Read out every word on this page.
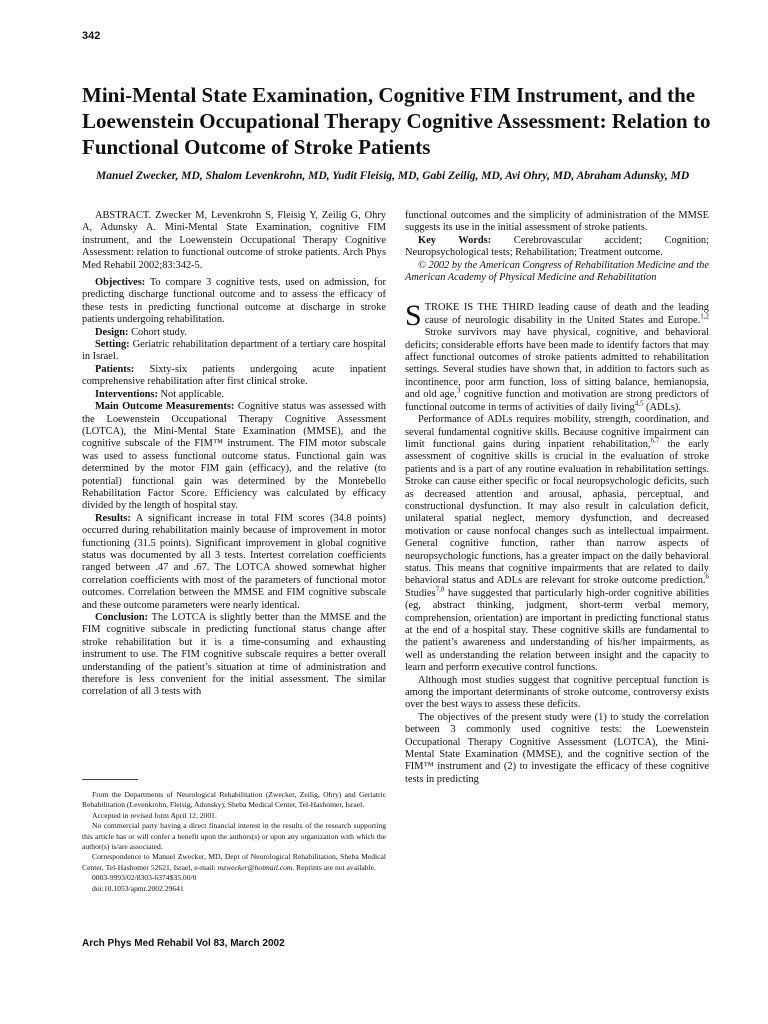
342
Mini-Mental State Examination, Cognitive FIM Instrument, and the Loewenstein Occupational Therapy Cognitive Assessment: Relation to Functional Outcome of Stroke Patients

Manuel Zwecker, MD, Shalom Levenkrohn, MD, Yudit Fleisig, MD, Gabi Zeilig, MD, Avi Ohry, MD, Abraham Adunsky, MD

ABSTRACT. Zwecker M, Levenkrohn S, Fleisig Y, Zeilig G, Ohry A, Adunsky A. Mini-Mental State Examination, cognitive FIM instrument, and the Loewenstein Occupational Therapy Cognitive Assessment: relation to functional outcome of stroke patients. Arch Phys Med Rehabil 2002;83:342-5.

Objectives: To compare 3 cognitive tests, used on admission, for predicting discharge functional outcome and to assess the efficacy of these tests in predicting functional outcome at discharge in stroke patients undergoing rehabilitation.

Design: Cohort study.

Setting: Geriatric rehabilitation department of a tertiary care hospital in Israel.

Patients: Sixty-six patients undergoing acute inpatient comprehensive rehabilitation after first clinical stroke.

Interventions: Not applicable.

Main Outcome Measurements: Cognitive status was assessed with the Loewenstein Occupational Therapy Cognitive Assessment (LOTCA), the Mini-Mental State Examination (MMSE), and the cognitive subscale of the FIM™ instrument. The FIM motor subscale was used to assess functional outcome status. Functional gain was determined by the motor FIM gain (efficacy), and the relative (to potential) functional gain was determined by the Montebello Rehabilitation Factor Score. Efficiency was calculated by efficacy divided by the length of hospital stay.

Results: A significant increase in total FIM scores (34.8 points) occurred during rehabilitation mainly because of improvement in motor functioning (31.5 points). Significant improvement in global cognitive status was documented by all 3 tests. Intertest correlation coefficients ranged between .47 and .67. The LOTCA showed somewhat higher correlation coefficients with most of the parameters of functional motor outcomes. Correlation between the MMSE and FIM cognitive subscale and these outcome parameters were nearly identical.

Conclusion: The LOTCA is slightly better than the MMSE and the FIM cognitive subscale in predicting functional status change after stroke rehabilitation but it is a time-consuming and exhausting instrument to use. The FIM cognitive subscale requires a better overall understanding of the patient’s situation at time of administration and therefore is less convenient for the initial assessment. The similar correlation of all 3 tests with

From the Departments of Neurological Rehabilitation (Zwecker, Zeilig, Ohry) and Geriatric Rehabilitation (Levenkrohn, Fleisig, Adunsky), Sheba Medical Center, Tel-Hashomer, Israel.

Accepted in revised form April 12, 2001.

No commercial party having a direct financial interest in the results of the research supporting this article has or will confer a benefit upon the authors(s) or upon any organization with which the author(s) is/are associated.

Correspondence to Manuel Zwecker, MD, Dept of Neurological Rehabilitation, Sheba Medical Center, Tel-Hashomer 52621, Israel, e-mail: mzwecker@hotmail.com. Reprints are not available.

0003-9993/02/8303-6374$35.00/0

doi:10.1053/apmr.2002.29641

functional outcomes and the simplicity of administration of the MMSE suggests its use in the initial assessment of stroke patients.

Key Words: Cerebrovascular accident; Cognition; Neuropsychological tests; Rehabilitation; Treatment outcome.

© 2002 by the American Congress of Rehabilitation Medicine and the American Academy of Physical Medicine and Rehabilitation

STROKE IS THE THIRD leading cause of death and the leading cause of neurologic disability in the United States and Europe.$^{1,2}$ Stroke survivors may have physical, cognitive, and behavioral deficits; considerable efforts have been made to identify factors that may affect functional outcomes of stroke patients admitted to rehabilitation settings. Several studies have shown that, in addition to factors such as incontinence, poor arm function, loss of sitting balance, hemianopsia, and old age,$^3$ cognitive function and motivation are strong predictors of functional outcome in terms of activities of daily living$^{4,5}$ (ADLs).

Performance of ADLs requires mobility, strength, coordination, and several fundamental cognitive skills. Because cognitive impairment can limit functional gains during inpatient rehabilitation,$^{6,7}$ the early assessment of cognitive skills is crucial in the evaluation of stroke patients and is a part of any routine evaluation in rehabilitation settings. Stroke can cause either specific or focal neuropsychologic deficits, such as decreased attention and arousal, aphasia, perceptual, and constructional dysfunction. It may also result in calculation deficit, unilateral spatial neglect, memory dysfunction, and decreased motivation or cause nonfocal changes such as intellectual impairment. General cognitive function, rather than narrow aspects of neuropsychologic functions, has a greater impact on the daily behavioral status. This means that cognitive impairments that are related to daily behavioral status and ADLs are relevant for stroke outcome prediction.$^6$ Studies$^{7,8}$ have suggested that particularly high-order cognitive abilities (eg, abstract thinking, judgment, short-term verbal memory, comprehension, orientation) are important in predicting functional status at the end of a hospital stay. These cognitive skills are fundamental to the patient’s awareness and understanding of his/her impairments, as well as understanding the relation between insight and the capacity to learn and perform executive control functions.

Although most studies suggest that cognitive perceptual function is among the important determinants of stroke outcome, controversy exists over the best ways to assess these deficits.

The objectives of the present study were (1) to study the correlation between 3 commonly used cognitive tests: the Loewenstein Occupational Therapy Cognitive Assessment (LOTCA), the Mini-Mental State Examination (MMSE), and the cognitive section of the FIM™ instrument and (2) to investigate the efficacy of these cognitive tests in predicting

Arch Phys Med Rehabil Vol 83, March 2002
